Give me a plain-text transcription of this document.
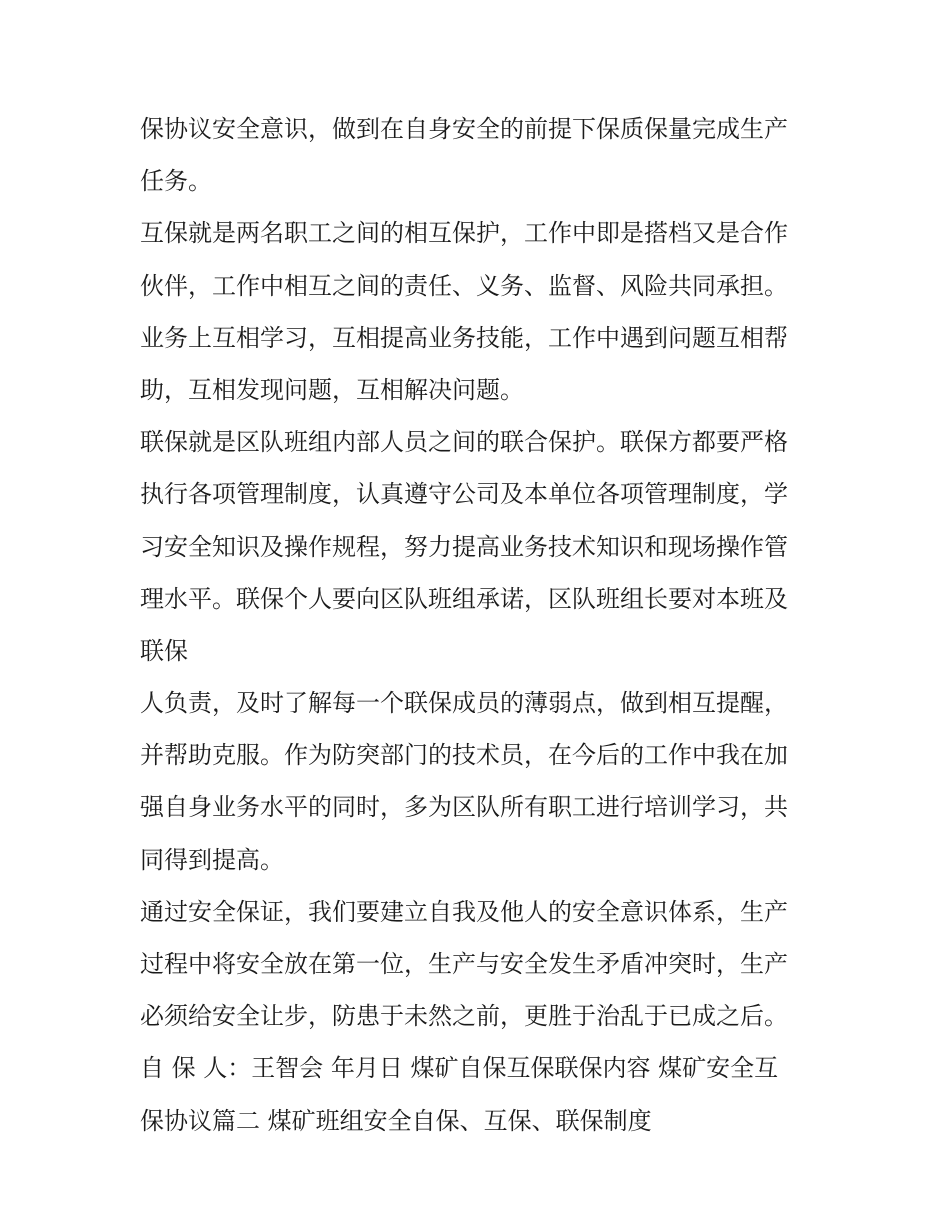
保协议安全意识，做到在自身安全的前提下保质保量完成生产
任务。
互保就是两名职工之间的相互保护，工作中即是搭档又是合作
伙伴，工作中相互之间的责任、义务、监督、风险共同承担。
业务上互相学习，互相提高业务技能，工作中遇到问题互相帮
助，互相发现问题，互相解决问题。
联保就是区队班组内部人员之间的联合保护。联保方都要严格
执行各项管理制度，认真遵守公司及本单位各项管理制度，学
习安全知识及操作规程，努力提高业务技术知识和现场操作管
理水平。联保个人要向区队班组承诺，区队班组长要对本班及
联保
人负责，及时了解每一个联保成员的薄弱点，做到相互提醒，
并帮助克服。作为防突部门的技术员，在今后的工作中我在加
强自身业务水平的同时，多为区队所有职工进行培训学习，共
同得到提高。
通过安全保证，我们要建立自我及他人的安全意识体系，生产
过程中将安全放在第一位，生产与安全发生矛盾冲突时，生产
必须给安全让步，防患于未然之前，更胜于治乱于已成之后。
自 保 人：王智会 年月日 煤矿自保互保联保内容 煤矿安全互
保协议篇二 煤矿班组安全自保、互保、联保制度
